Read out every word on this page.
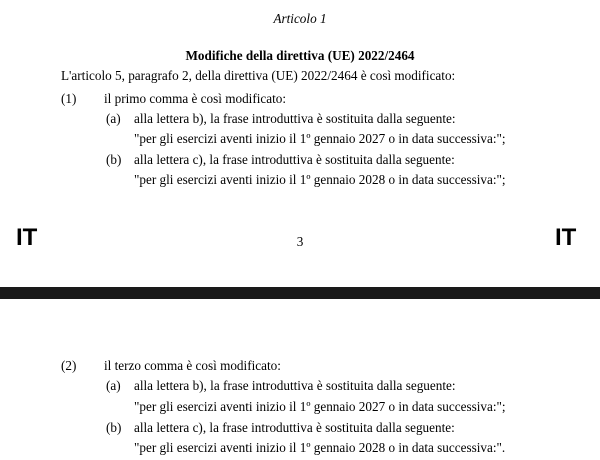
Articolo 1
Modifiche della direttiva (UE) 2022/2464
L'articolo 5, paragrafo 2, della direttiva (UE) 2022/2464 è così modificato:
(1) il primo comma è così modificato:
(a) alla lettera b), la frase introduttiva è sostituita dalla seguente:
"per gli esercizi aventi inizio il 1º gennaio 2027 o in data successiva:";
(b) alla lettera c), la frase introduttiva è sostituita dalla seguente:
"per gli esercizi aventi inizio il 1º gennaio 2028 o in data successiva:";
IT	3	IT
(2) il terzo comma è così modificato:
(a) alla lettera b), la frase introduttiva è sostituita dalla seguente:
"per gli esercizi aventi inizio il 1º gennaio 2027 o in data successiva:";
(b) alla lettera c), la frase introduttiva è sostituita dalla seguente:
"per gli esercizi aventi inizio il 1º gennaio 2028 o in data successiva:".
